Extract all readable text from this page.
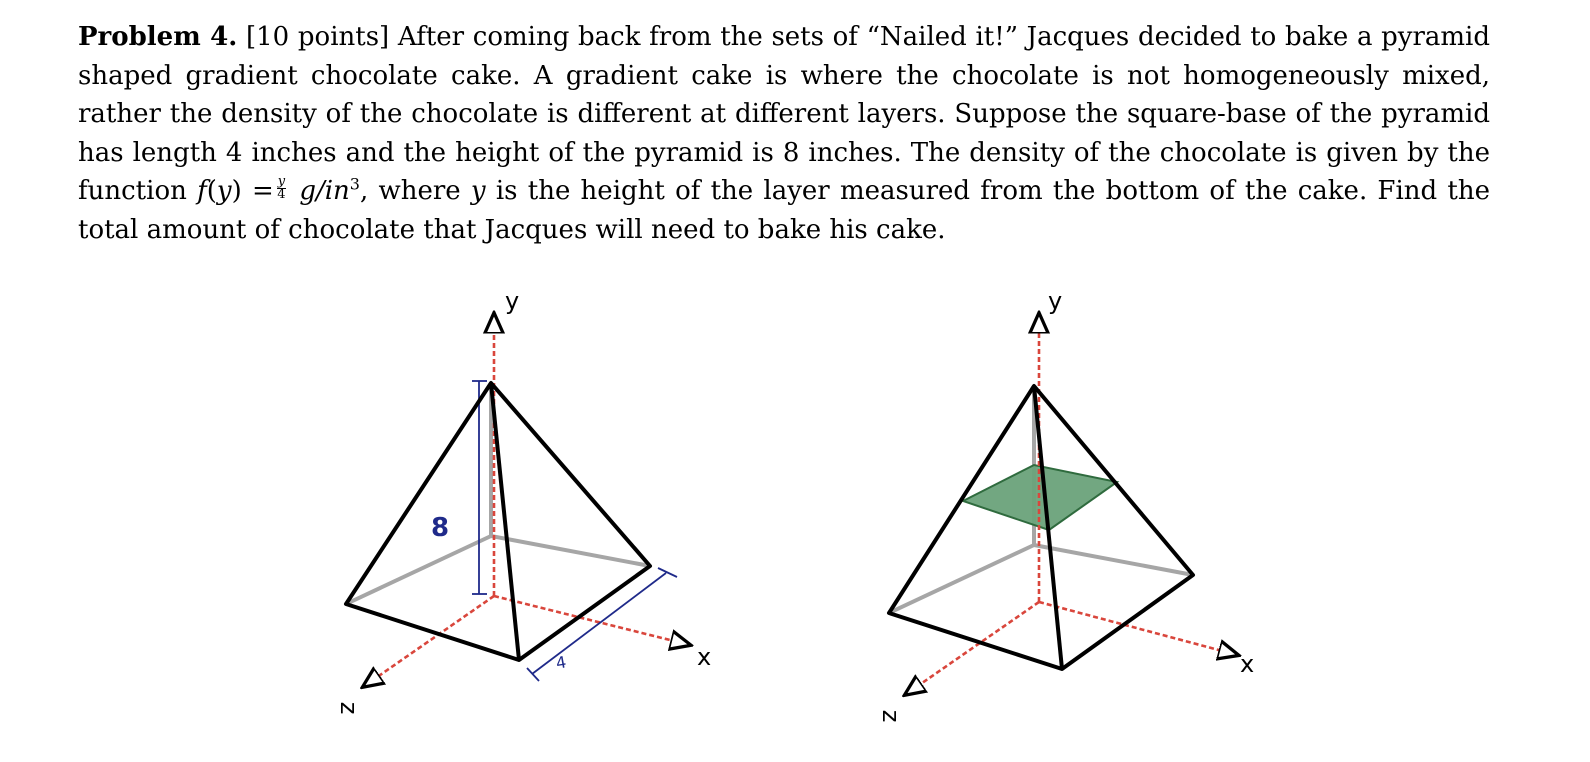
Problem 4. [10 points] After coming back from the sets of “Nailed it!” Jacques decided to bake a pyramid shaped gradient chocolate cake. A gradient cake is where the chocolate is not homogeneously mixed, rather the density of the chocolate is different at different layers. Suppose the square-base of the pyramid has length 4 inches and the height of the pyramid is 8 inches. The density of the chocolate is given by the function $f(y) = \frac{y}{4} g/in^3$, where y is the height of the layer measured from the bottom of the cake. Find the total amount of chocolate that Jacques will need to bake his cake.

8
4
y
x
z
y
x
z
